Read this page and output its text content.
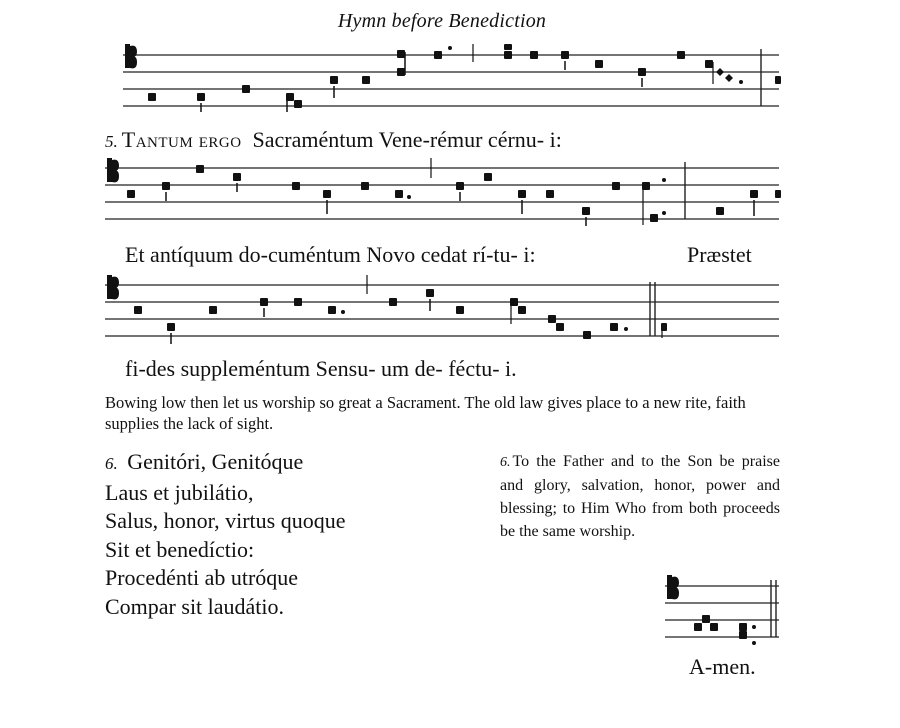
Hymn before Benediction
5. Tantum ergo Sacraméntum Vene-rémur cérnu- i:
Et antíquum do-cuméntum Novo cedat rí-tu- i:	Præstet
fi-des suppleméntum Sensu- um de- féctu- i.
Bowing low then let us worship so great a Sacrament. The old law gives place to a new rite, faith supplies the lack of sight.
6. Genitóri, Genitóque
Laus et jubilátio,
Salus, honor, virtus quoque
Sit et benedíctio:
Procedénti ab utróque
Compar sit laudátio.
6. To the Father and to the Son be praise and glory, salvation, honor, power and blessing; to Him Who from both proceeds be the same worship.
A-men.
